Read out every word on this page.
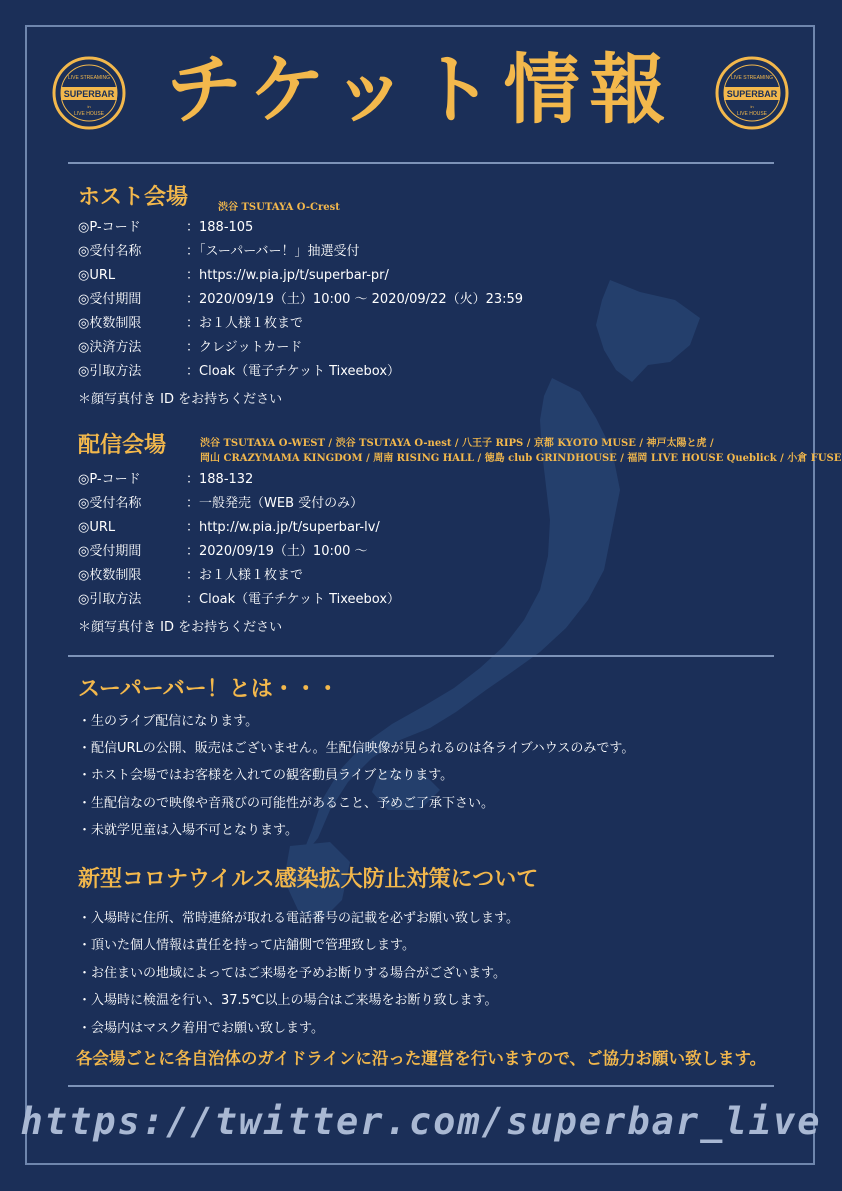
SUPERBAR
LIVE STREAMING
in
LIVE HOUSE
SUPERBAR
LIVE STREAMING
in
LIVE HOUSE
チケット情報
ホスト会場	渋谷 TSUTAYA O-Crest
◎P-コード	：188-105
◎受付名称	：「スーパーバー！」抽選受付
◎URL	：https://w.pia.jp/t/superbar-pr/
◎受付期間	：2020/09/19（土）10:00 ～ 2020/09/22（火）23:59
◎枚数制限	：お１人様１枚まで
◎決済方法	：クレジットカード
◎引取方法	：Cloak（電子チケット Tixeebox）
＊顔写真付き ID をお持ちください
配信会場	渋谷 TSUTAYA O-WEST / 渋谷 TSUTAYA O-nest / 八王子 RIPS / 京都 KYOTO MUSE / 神戸太陽と虎 /
岡山 CRAZYMAMA KINGDOM / 周南 RISING HALL / 徳島 club GRINDHOUSE / 福岡 LIVE HOUSE Queblick / 小倉 FUSE
◎P-コード	：188-132
◎受付名称	：一般発売（WEB 受付のみ）
◎URL	：http://w.pia.jp/t/superbar-lv/
◎受付期間	：2020/09/19（土）10:00 ～
◎枚数制限	：お１人様１枚まで
◎引取方法	：Cloak（電子チケット Tixeebox）
＊顔写真付き ID をお持ちください
スーパーバー！とは・・・
・生のライブ配信になります。
・配信URLの公開、販売はございません。生配信映像が見られるのは各ライブハウスのみです。
・ホスト会場ではお客様を入れての観客動員ライブとなります。
・生配信なので映像や音飛びの可能性があること、予めご了承下さい。
・未就学児童は入場不可となります。
新型コロナウイルス感染拡大防止対策について
・入場時に住所、常時連絡が取れる電話番号の記載を必ずお願い致します。
・頂いた個人情報は責任を持って店舗側で管理致します。
・お住まいの地域によってはご来場を予めお断りする場合がございます。
・入場時に検温を行い、37.5℃以上の場合はご来場をお断り致します。
・会場内はマスク着用でお願い致します。
各会場ごとに各自治体のガイドラインに沿った運営を行いますので、ご協力お願い致します。
https://twitter.com/superbar_live
